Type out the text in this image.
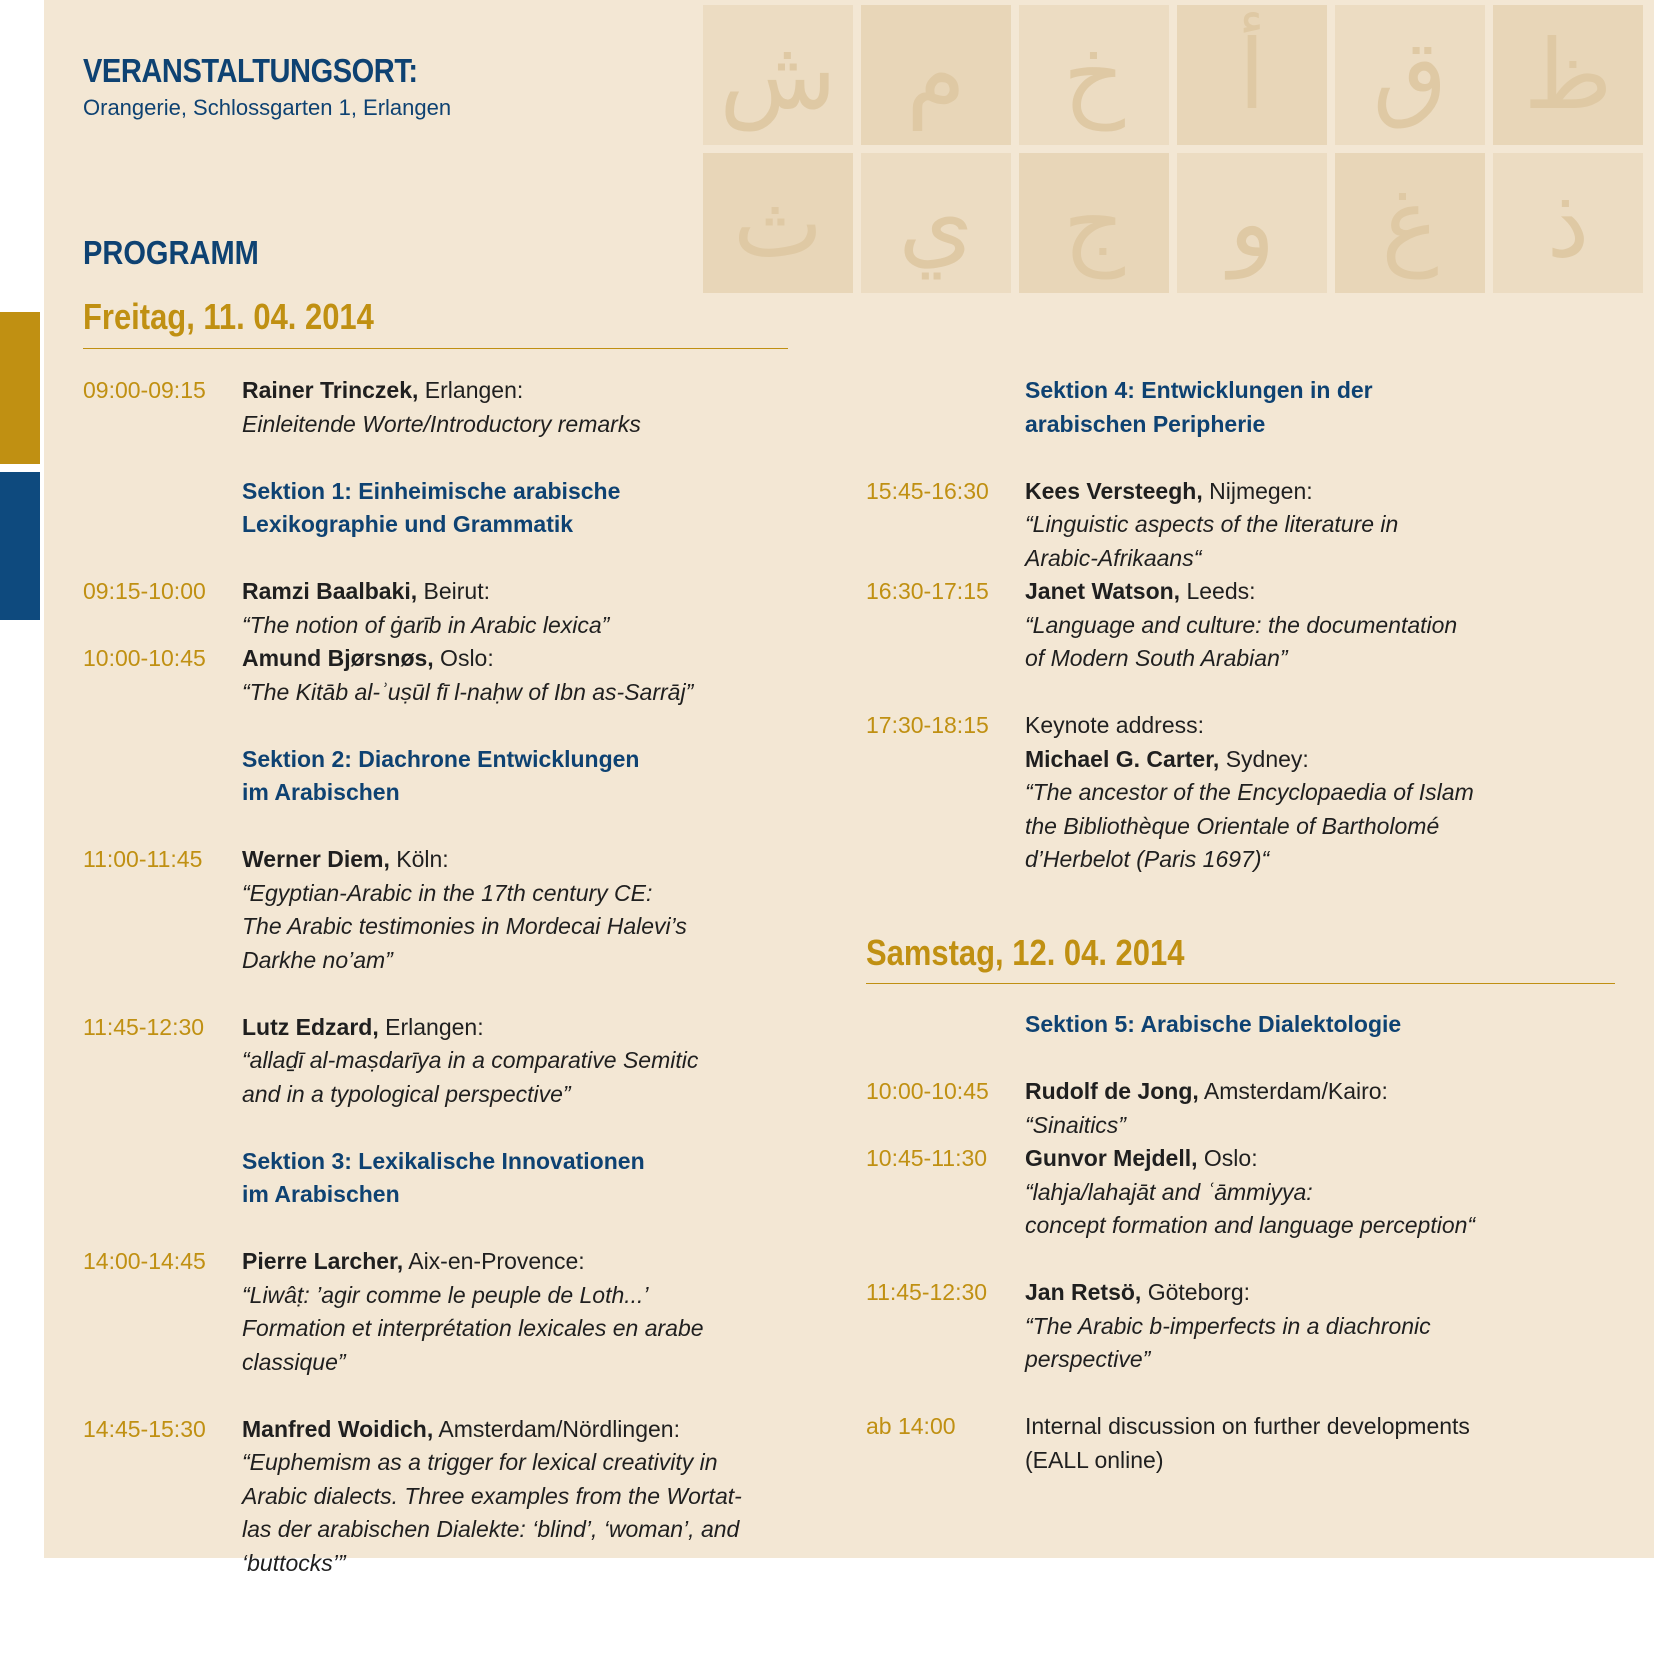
ش م	خ	أ	ق ظ
ث ي ج	و	غ	ذ
VERANSTALTUNGSORT:
Orangerie, Schlossgarten 1, Erlangen
PROGRAMM
Freitag, 11. 04. 2014
09:00-09:15 Rainer Trinczek, Erlangen:
Einleitende Worte/Introductory remarks
Sektion 1: Einheimische arabische
Lexikographie und Grammatik
09:15-10:00 Ramzi Baalbaki, Beirut:
“The notion of ġarīb in Arabic lexica”
10:00-10:45 Amund Bjørsnøs, Oslo:
“The Kitāb al-ʾuṣūl fī l-naḥw of Ibn as-Sarrāj”
Sektion 2: Diachrone Entwicklungen
im Arabischen
11:00-11:45 Werner Diem, Köln:
“Egyptian-Arabic in the 17th century CE:
The Arabic testimonies in Mordecai Halevi’s
Darkhe no’am”
11:45-12:30 Lutz Edzard, Erlangen:
“allaḏī al-maṣdarīya in a comparative Semitic
and in a typological perspective”
Sektion 3: Lexikalische Innovationen
im Arabischen
14:00-14:45 Pierre Larcher, Aix-en-Provence:
“Liwâṭ: ’agir comme le peuple de Loth...’
Formation et interprétation lexicales en arabe
classique”
14:45-15:30 Manfred Woidich, Amsterdam/Nördlingen:
“Euphemism as a trigger for lexical creativity in
Arabic dialects. Three examples from the Wortat-
las der arabischen Dialekte: ‘blind’, ‘woman’, and
‘buttocks’”
Sektion 4: Entwicklungen in der
arabischen Peripherie
15:45-16:30 Kees Versteegh, Nijmegen:
“Linguistic aspects of the literature in
Arabic-Afrikaans“
16:30-17:15 Janet Watson, Leeds:
“Language and culture: the documentation
of Modern South Arabian”
17:30-18:15 Keynote address:
Michael G. Carter, Sydney:
“The ancestor of the Encyclopaedia of Islam
the Bibliothèque Orientale of Bartholomé
d’Herbelot (Paris 1697)“
Samstag, 12. 04. 2014
Sektion 5: Arabische Dialektologie
10:00-10:45 Rudolf de Jong, Amsterdam/Kairo:
“Sinaitics”
10:45-11:30 Gunvor Mejdell, Oslo:
“lahja/lahajāt and ʿāmmiyya:
concept formation and language perception“
11:45-12:30 Jan Retsö, Göteborg:
“The Arabic b-imperfects in a diachronic
perspective”
ab 14:00	Internal discussion on further developments
(EALL online)
